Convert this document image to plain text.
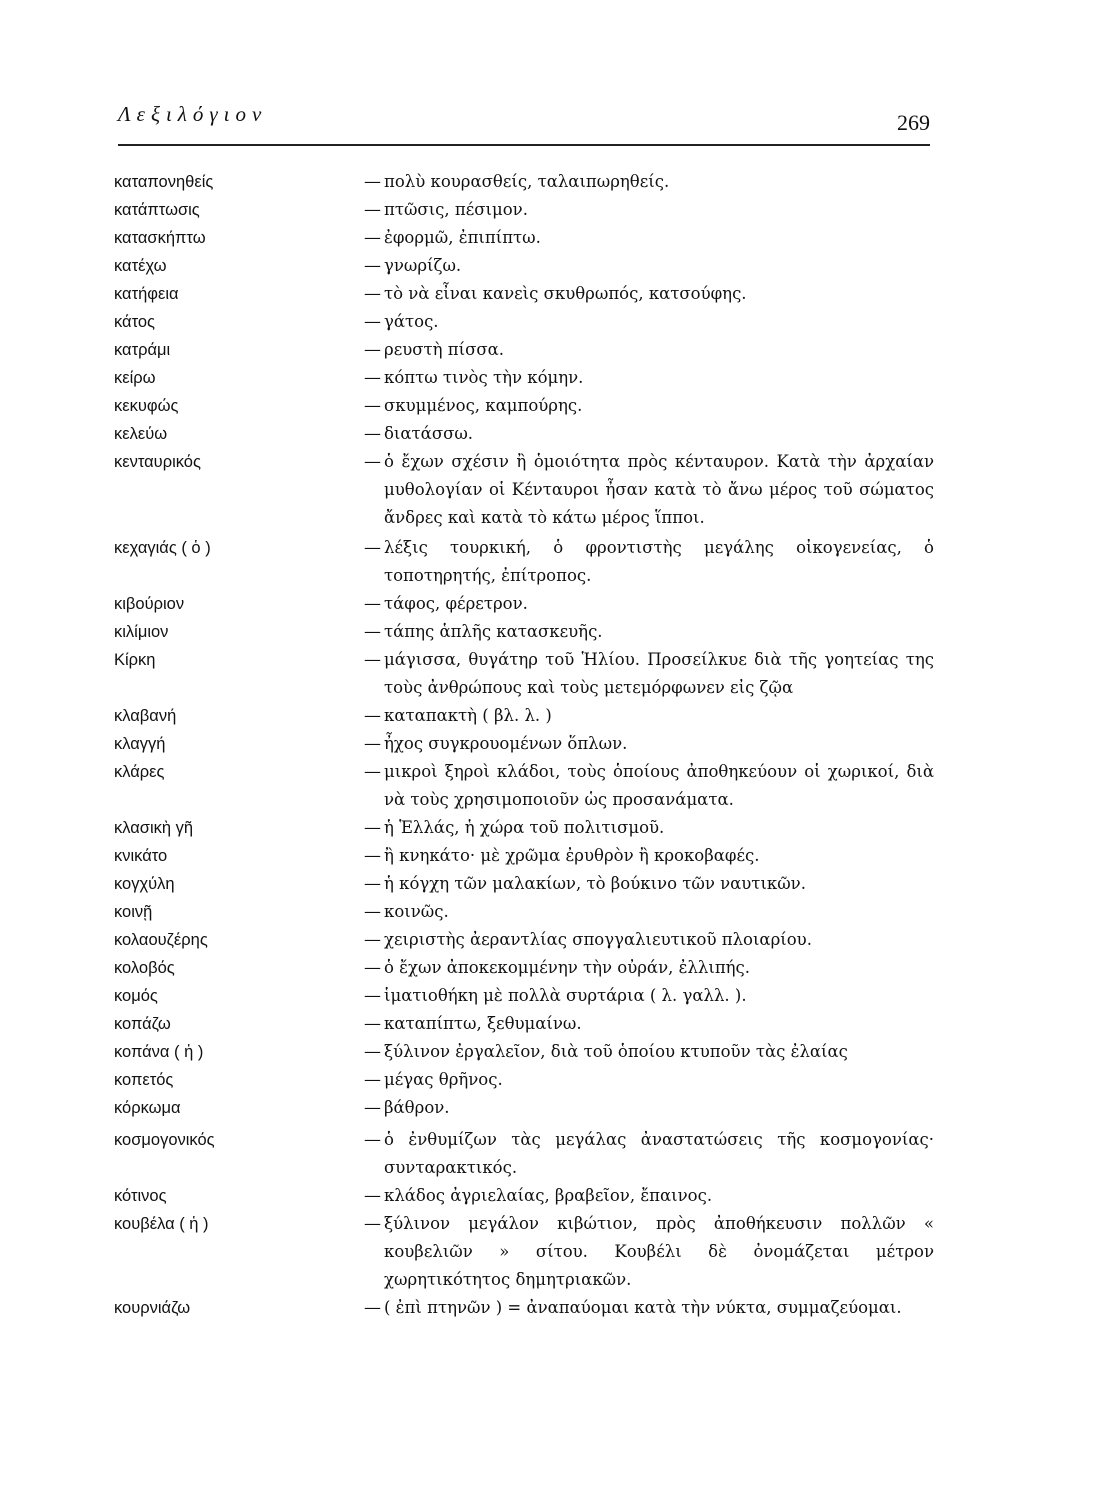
Λεξιλόγιον	269
καταπονηθείς	— πολὺ κουρασθείς, ταλαιπωρηθείς.
κατάπτωσις	— πτῶσις, πέσιμον.
κατασκήπτω	— ἐφορμῶ, ἐπιπίπτω.
κατέχω	— γνωρίζω.
κατήφεια	— τὸ νὰ εἶναι κανεὶς σκυθρωπός, κατσούφης.
κάτος	— γάτος.
κατράμι	— ρευστὴ πίσσα.
κείρω	— κόπτω τινὸς τὴν κόμην.
κεκυφώς	— σκυμμένος, καμπούρης.
κελεύω	— διατάσσω.
κενταυρικός	— ὁ ἔχων σχέσιν ἢ ὁμοιότητα πρὸς κένταυρον. Κατὰ τὴν ἀρχαίαν μυθολογίαν οἱ Κένταυροι ἦσαν κατὰ τὸ ἄνω μέρος τοῦ σώματος ἄνδρες καὶ κατὰ τὸ κάτω μέρος ἵπποι.
κεχαγιάς ( ὁ )	— λέξις τουρκική, ὁ φροντιστὴς μεγάλης οἰκογενείας, ὁ τοποτηρητής, ἐπίτροπος.
κιβούριον	— τάφος, φέρετρον.
κιλίμιον	— τάπης ἁπλῆς κατασκευῆς.
Κίρκη	— μάγισσα, θυγάτηρ τοῦ Ἡλίου. Προσείλκυε διὰ τῆς γοητείας της τοὺς ἀνθρώπους καὶ τοὺς μετεμόρφωνεν εἰς ζῷα
κλαβανή	— καταπακτὴ ( βλ. λ. )
κλαγγή	— ἦχος συγκρουομένων ὅπλων.
κλάρες	— μικροὶ ξηροὶ κλάδοι, τοὺς ὁποίους ἀποθηκεύουν οἱ χωρικοί, διὰ νὰ τοὺς χρησιμοποιοῦν ὡς προσανάματα.
κλασικὴ γῆ	— ἡ Ἑλλάς, ἡ χώρα τοῦ πολιτισμοῦ.
κνικάτο	— ἢ κνηκάτο· μὲ χρῶμα ἐρυθρὸν ἢ κροκοβαφές.
κογχύλη	— ἡ κόγχη τῶν μαλακίων, τὸ βούκινο τῶν ναυτικῶν.
κοινῇ	— κοινῶς.
κολαουζέρης	— χειριστὴς ἀεραντλίας σπογγαλιευτικοῦ πλοιαρίου.
κολοβός	— ὁ ἔχων ἀποκεκομμένην τὴν οὐράν, ἐλλιπής.
κομός	— ἱματιοθήκη μὲ πολλὰ συρτάρια ( λ. γαλλ. ).
κοπάζω	— καταπίπτω, ξεθυμαίνω.
κοπάνα ( ἡ )	— ξύλινον ἐργαλεῖον, διὰ τοῦ ὁποίου κτυποῦν τὰς ἐλαίας
κοπετός	— μέγας θρῆνος.
κόρκωμα	— βάθρον.
κοσμογονικός	— ὁ ἐνθυμίζων τὰς μεγάλας ἀναστατώσεις τῆς κοσμογονίας· συνταρακτικός.
κότινος	— κλάδος ἀγριελαίας, βραβεῖον, ἔπαινος.
κουβέλα ( ἡ )	— ξύλινον μεγάλον κιβώτιον, πρὸς ἀποθήκευσιν πολλῶν « κουβελιῶν » σίτου. Κουβέλι δὲ ὀνομάζεται μέτρον χωρητικότητος δημητριακῶν.
κουρνιάζω	— ( ἐπὶ πτηνῶν ) = ἀναπαύομαι κατὰ τὴν νύκτα, συμμαζεύομαι.
